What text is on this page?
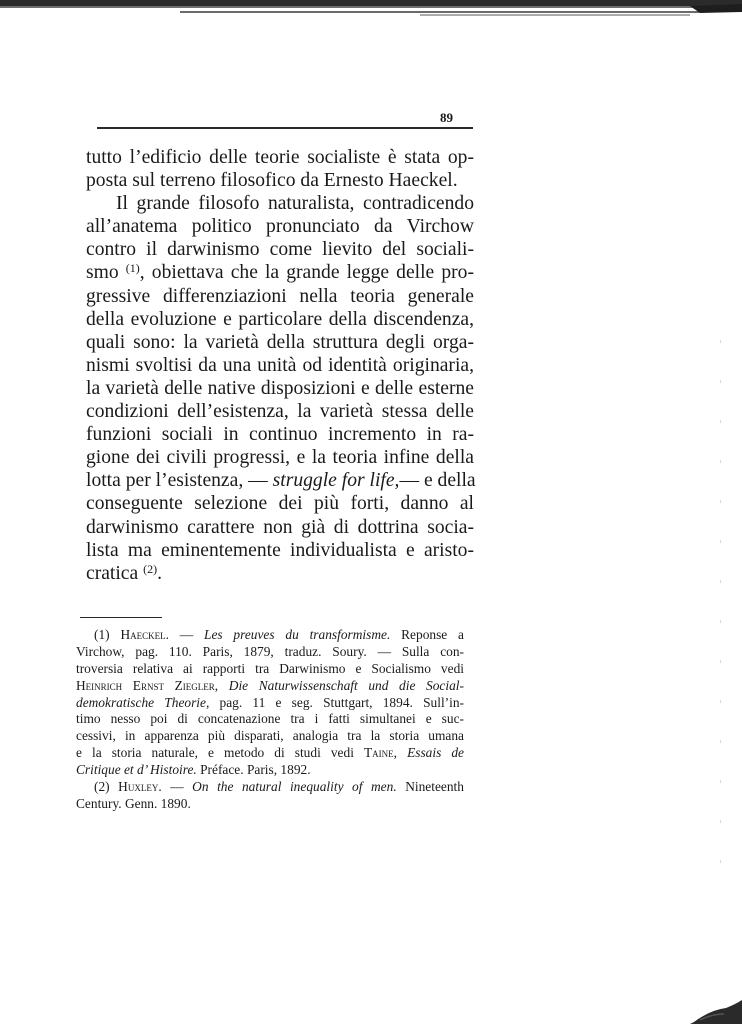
89
tutto l’edificio delle teorie socialiste è stata op-
posta sul terreno filosofico da Ernesto Haeckel.
Il grande filosofo naturalista, contradicendo
all’anatema politico pronunciato da Virchow
contro il darwinismo come lievito del sociali-
smo $^{(1)}$, obiettava che la grande legge delle pro-
gressive differenziazioni nella teoria generale
della evoluzione e particolare della discendenza,
quali sono: la varietà della struttura degli orga-
nismi svoltisi da una unità od identità originaria,
la varietà delle native disposizioni e delle esterne
condizioni dell’esistenza, la varietà stessa delle
funzioni sociali in continuo incremento in ra-
gione dei civili progressi, e la teoria infine della
lotta per l’esistenza, — struggle for life,— e della
conseguente selezione dei più forti, danno al
darwinismo carattere non già di dottrina socia-
lista ma eminentemente individualista e aristo-
cratica $^{(2)}$.
(1) Haeckel. — Les preuves du transformisme. Reponse a
Virchow, pag. 110. Paris, 1879, traduz. Soury. — Sulla con-
troversia relativa ai rapporti tra Darwinismo e Socialismo vedi
Heinrich Ernst Ziegler, Die Naturwissenschaft und die Social-
demokratische Theorie, pag. 11 e seg. Stuttgart, 1894. Sull’in-
timo nesso poi di concatenazione tra i fatti simultanei e suc-
cessivi, in apparenza più disparati, analogia tra la storia umana
e la storia naturale, e metodo di studi vedi Taine, Essais de
Critique et d’ Histoire. Préface. Paris, 1892.
(2) Huxley. — On the natural inequality of men. Nineteenth
Century. Genn. 1890.
